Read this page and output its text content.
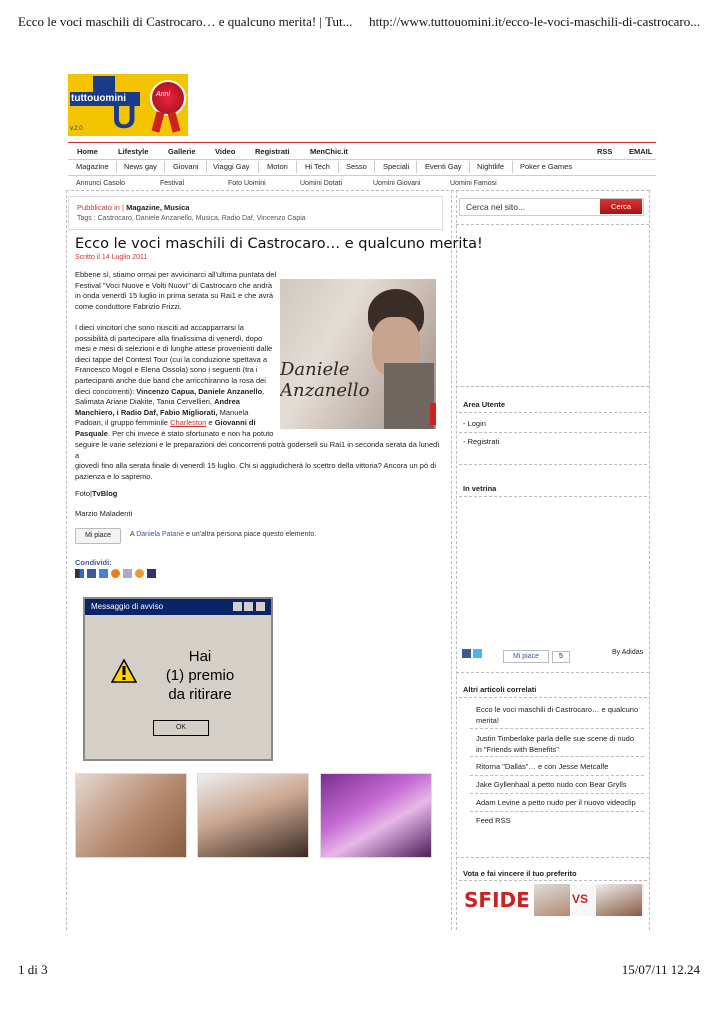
Ecco le voci maschili di Castrocaro… e qualcuno merita! | Tut... http://www.tuttouomini.it/ecco-le-voci-maschili-di-castrocaro...
tuttouomini
U
v.2.0
Anni
Home	Lifestyle	Gallerie	Video	Registrati	MenChic.it	RSS EMAIL
Magazine News gay Giovani Viaggi Gay Motori Hi Tech Sesso Speciali Eventi Gay Nightlife Poker e Games
Annunci Casolo	Festival	Foto Uomini	Uomini Dotati	Uomini Giovani	Uomini Famosi
Pubblicato in | Magazine, Musica
Tags : Castrocaro, Daniele Anzanello, Musica, Radio Daf, Vincenzo Capia
Ecco le voci maschili di Castrocaro… e qualcuno merita!
Scritto il 14 Luglio 2011
Ebbene sì, stiamo ormai per avvicinarci all'ultima puntata del
Festival "Voci Nuove e Volti Nuovi" di Castrocaro che andrà
in onda venerdì 15 luglio in prima serata su Rai1 e che avrà
come conduttore Fabrizio Frizzi.
I dieci vincitori che sono riusciti ad accapparrarsi la
possibilità di partecipare alla finalissima di venerdì, dopo
mesi e mesi di selezioni e di lunghe attese provenienti dalle
dieci tappe del Contest Tour (cui la conduzione spettava a
Francesco Mogol e Elena Ossola) sono i seguenti (tra i
partecipanti anche due band che arricchiranno la rosa dei
dieci concorrenti): Vincenzo Capua, Daniele Anzanello,
Salimata Ariane Diakite, Tania Cervellieri, Andrea
Manchiero, i Radio Daf, Fabio Migliorati, Manuela
Padoan, il gruppo femminile Charleston e Giovanni di
Pasquale. Per chi invece è stato sfortunato e non ha potuto
seguire le varie selezioni e le preparazioni dei concorrenti potrà goderseli su Rai1 in seconda serata da lunedì a
giovedì fino alla serata finale di venerdì 15 luglio. Chi si aggiudicherà lo scettro della vittoria? Ancora un pò di
pazienza e lo sapremo.
Daniele Anzanello
Foto|TvBlog
Marzio Maladenti
Mi piace	A Daniela Patanè e un'altra persona piace questo elemento.
Condividi:
Messaggio di avviso
Hai
(1) premio
da ritirare
OK
Cerca nel sito...	Cerca
Area Utente
- Login
- Registrati
In vetrina
Mi piace	5
By Adidas
Altri articoli correlati
Ecco le voci maschili di Castrocaro… e qualcuno merita!
Justin Timberlake parla delle sue scene di nudo in "Friends with Benefits"
Ritorna "Dallas"… e con Jesse Metcalfe
Jake Gyllenhaal a petto nudo con Bear Grylls
Adam Levine a petto nudo per il nuovo videoclip
Feed RSS
Vota e fai vincere il tuo preferito
SFIDE	VS
1 di 3	15/07/11 12.24
